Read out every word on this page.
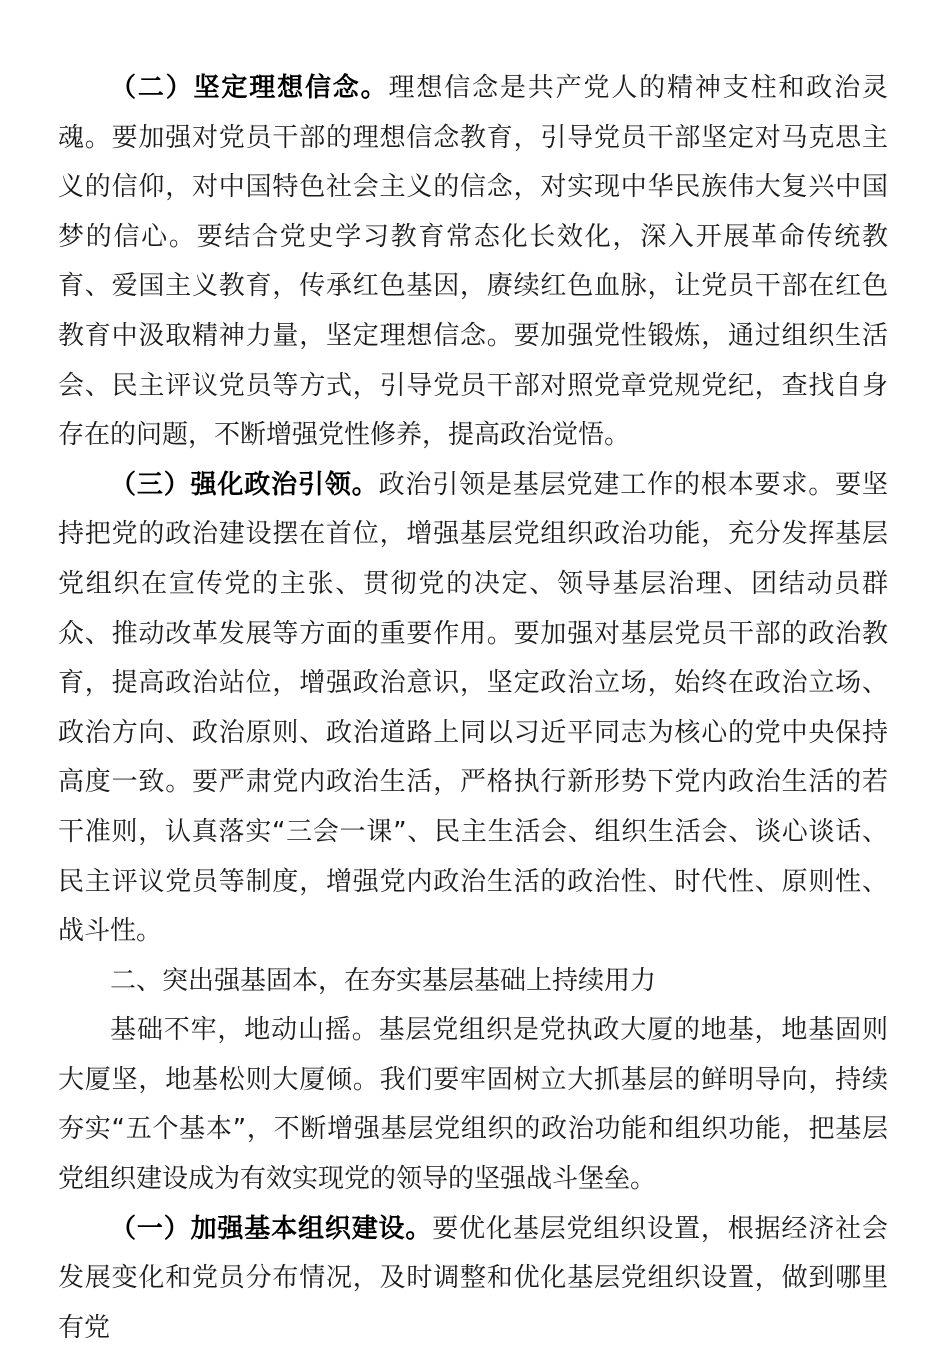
（二）坚定理想信念。理想信念是共产党人的精神支柱和政治灵魂。要加强对党员干部的理想信念教育，引导党员干部坚定对马克思主义的信仰，对中国特色社会主义的信念，对实现中华民族伟大复兴中国梦的信心。要结合党史学习教育常态化长效化，深入开展革命传统教育、爱国主义教育，传承红色基因，赓续红色血脉，让党员干部在红色教育中汲取精神力量，坚定理想信念。要加强党性锻炼，通过组织生活会、民主评议党员等方式，引导党员干部对照党章党规党纪，查找自身存在的问题，不断增强党性修养，提高政治觉悟。

（三）强化政治引领。政治引领是基层党建工作的根本要求。要坚持把党的政治建设摆在首位，增强基层党组织政治功能，充分发挥基层党组织在宣传党的主张、贯彻党的决定、领导基层治理、团结动员群众、推动改革发展等方面的重要作用。要加强对基层党员干部的政治教育，提高政治站位，增强政治意识，坚定政治立场，始终在政治立场、政治方向、政治原则、政治道路上同以习近平同志为核心的党中央保持高度一致。要严肃党内政治生活，严格执行新形势下党内政治生活的若干准则，认真落实“三会一课”、民主生活会、组织生活会、谈心谈话、民主评议党员等制度，增强党内政治生活的政治性、时代性、原则性、战斗性。

二、突出强基固本，在夯实基层基础上持续用力

基础不牢，地动山摇。基层党组织是党执政大厦的地基，地基固则大厦坚，地基松则大厦倾。我们要牢固树立大抓基层的鲜明导向，持续夯实“五个基本”，不断增强基层党组织的政治功能和组织功能，把基层党组织建设成为有效实现党的领导的坚强战斗堡垒。

（一）加强基本组织建设。要优化基层党组织设置，根据经济社会发展变化和党员分布情况，及时调整和优化基层党组织设置，做到哪里有党
